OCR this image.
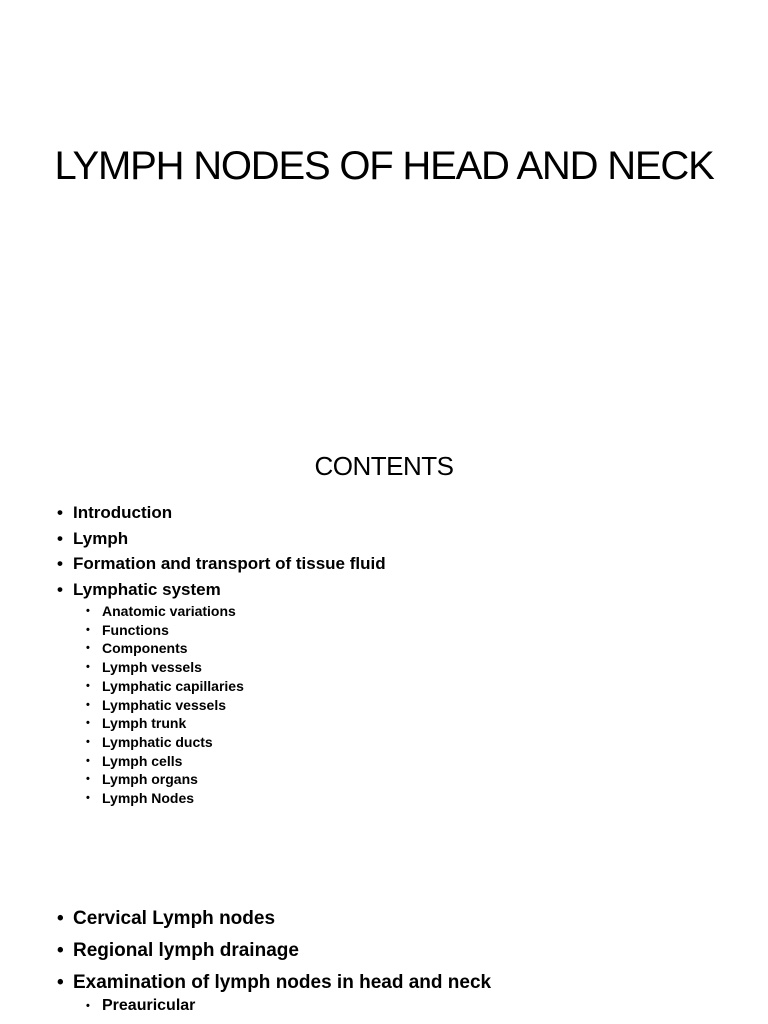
LYMPH NODES OF HEAD AND NECK
CONTENTS
• Introduction
• Lymph
• Formation and transport of tissue fluid
• Lymphatic system
• Anatomic variations
• Functions
• Components
• Lymph vessels
• Lymphatic capillaries
• Lymphatic vessels
• Lymph trunk
• Lymphatic ducts
• Lymph cells
• Lymph organs
• Lymph Nodes
• Cervical Lymph nodes
• Regional lymph drainage
• Examination of lymph nodes in head and neck
• Preauricular
